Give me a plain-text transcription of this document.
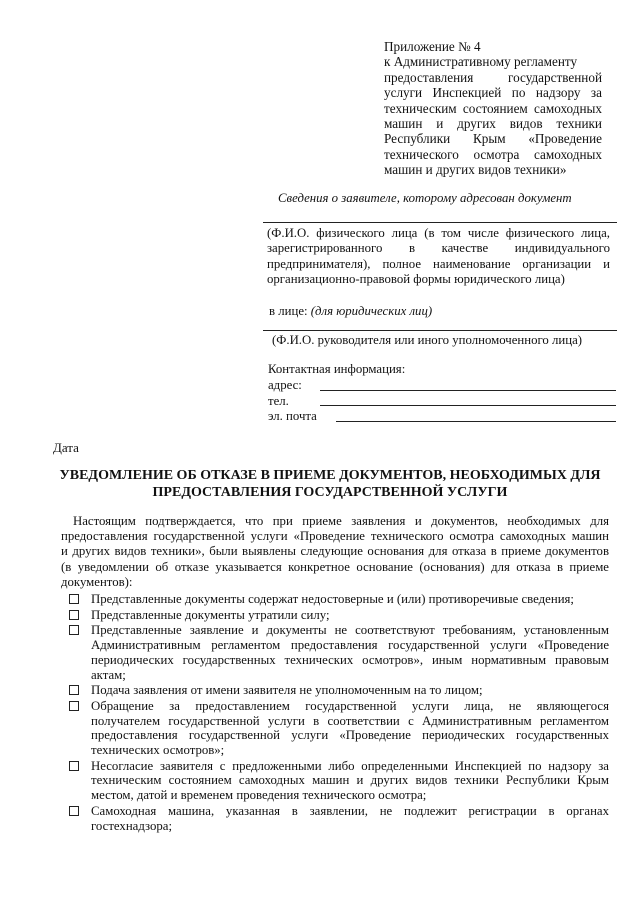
Приложение № 4
к Административному регламенту
предоставления государственной
услуги Инспекцией по надзору за
техническим состоянием самоходных
машин и других видов техники
Республики Крым «Проведение
технического осмотра самоходных
машин и других видов техники»
Сведения о заявителе, которому адресован документ
(Ф.И.О. физического лица (в том числе физического лица,
зарегистрированного в качестве индивидуального
предпринимателя), полное наименование организации и
организационно-правовой формы юридического лица)
в лице: (для юридических лиц)
(Ф.И.О. руководителя или иного уполномоченного лица)
Контактная информация:
адрес:
тел.
эл. почта
Дата
УВЕДОМЛЕНИЕ ОБ ОТКАЗЕ В ПРИЕМЕ ДОКУМЕНТОВ, НЕОБХОДИМЫХ ДЛЯ
ПРЕДОСТАВЛЕНИЯ ГОСУДАРСТВЕННОЙ УСЛУГИ
Настоящим подтверждается, что при приеме заявления и документов, необходимых для
предоставления государственной услуги «Проведение технического осмотра самоходных машин
и других видов техники», были выявлены следующие основания для отказа в приеме документов
(в уведомлении об отказе указывается конкретное основание (основания) для отказа в приеме
документов):
Представленные документы содержат недостоверные и (или) противоречивые сведения;
Представленные документы утратили силу;
Представленные заявление и документы не соответствуют требованиям, установленным
Административным регламентом предоставления государственной услуги «Проведение
периодических государственных технических осмотров», иным нормативным правовым
актам;
Подача заявления от имени заявителя не уполномоченным на то лицом;
Обращение за предоставлением государственной услуги лица, не являющегося
получателем государственной услуги в соответствии с Административным регламентом
предоставления государственной услуги «Проведение периодических государственных
технических осмотров»;
Несогласие заявителя с предложенными либо определенными Инспекцией по надзору за
техническим состоянием самоходных машин и других видов техники Республики Крым
местом, датой и временем проведения технического осмотра;
Самоходная машина, указанная в заявлении, не подлежит регистрации в органах
гостехнадзора;
